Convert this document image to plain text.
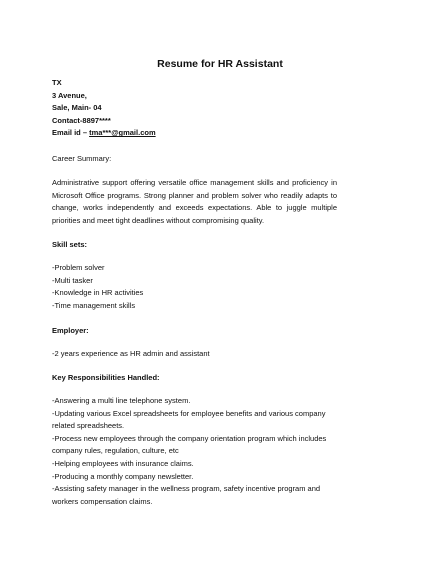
Resume for HR Assistant
TX
3 Avenue,
Sale, Main- 04
Contact-8897****
Email id – tma***@gmail.com
Career Summary:
Administrative support offering versatile office management skills and proficiency in Microsoft Office programs. Strong planner and problem solver who readily adapts to change, works independently and exceeds expectations. Able to juggle multiple priorities and meet tight deadlines without compromising quality.
Skill sets:
-Problem solver
-Multi tasker
-Knowledge in HR activities
-Time management skills
Employer:
-2 years experience as HR admin and assistant
Key Responsibilities Handled:
-Answering a multi line telephone system.
-Updating various Excel spreadsheets for employee benefits and various company
related spreadsheets.
-Process new employees through the company orientation program which includes
company rules, regulation, culture, etc
-Helping employees with insurance claims.
-Producing a monthly company newsletter.
-Assisting safety manager in the wellness program, safety incentive program and
workers compensation claims.
